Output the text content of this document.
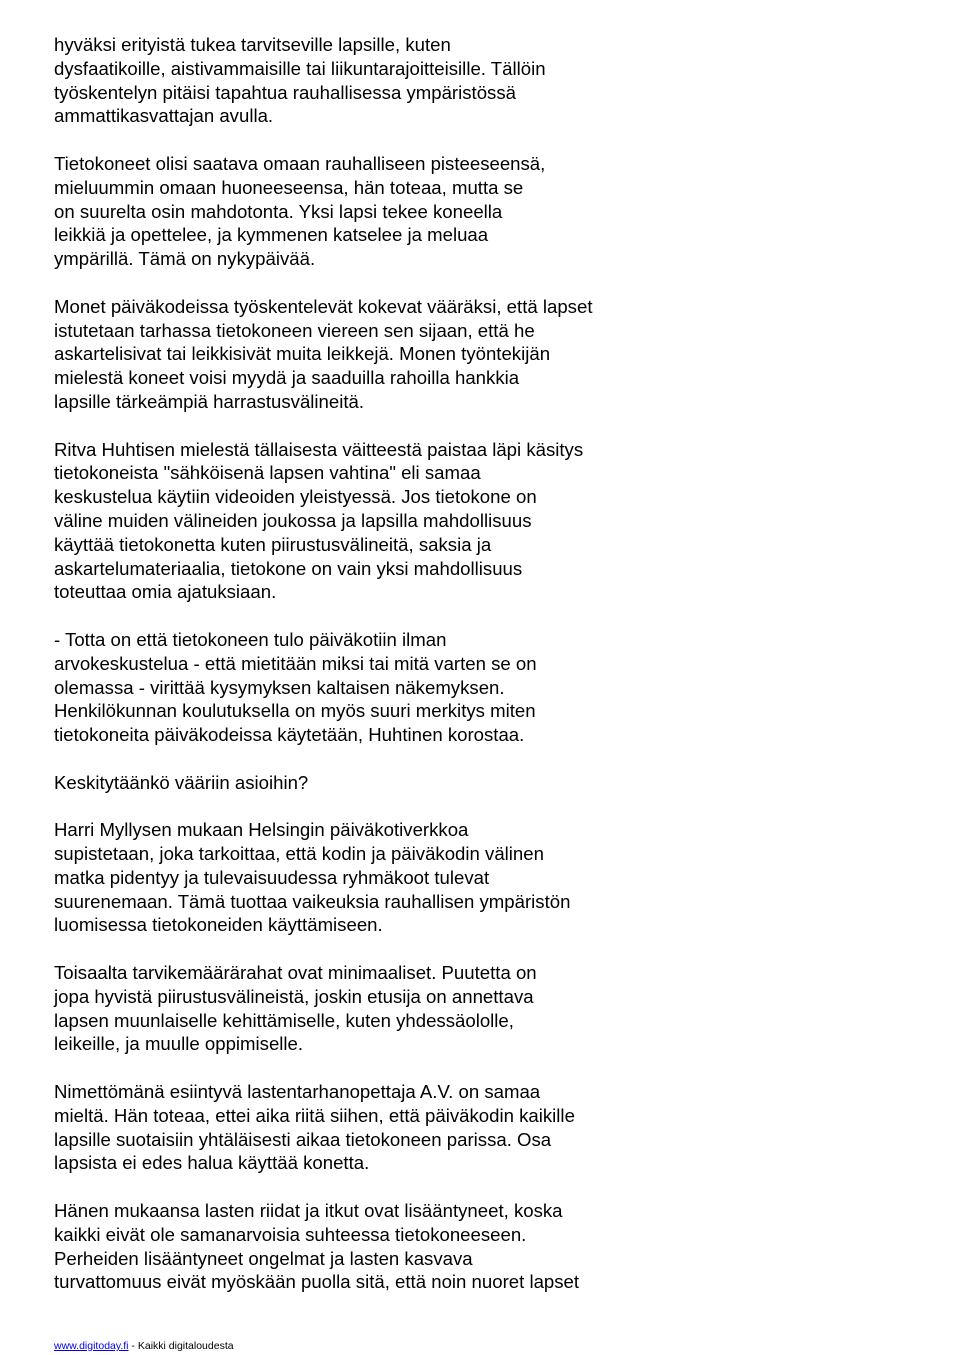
hyväksi erityistä tukea tarvitseville lapsille, kuten
dysfaatikoille, aistivammaisille tai liikuntarajoitteisille. Tällöin
työskentelyn pitäisi tapahtua rauhallisessa ympäristössä
ammattikasvattajan avulla.

Tietokoneet olisi saatava omaan rauhalliseen pisteeseensä,
mieluummin omaan huoneeseensa, hän toteaa, mutta se
on suurelta osin mahdotonta. Yksi lapsi tekee koneella
leikkiä ja opettelee, ja kymmenen katselee ja meluaa
ympärillä. Tämä on nykypäivää.

Monet päiväkodeissa työskentelevät kokevat vääräksi, että lapset
istutetaan tarhassa tietokoneen viereen sen sijaan, että he
askartelisivat tai leikkisivät muita leikkejä. Monen työntekijän
mielestä koneet voisi myydä ja saaduilla rahoilla hankkia
lapsille tärkeämpiä harrastusvälineitä.

Ritva Huhtisen mielestä tällaisesta väitteestä paistaa läpi käsitys
tietokoneista "sähköisenä lapsen vahtina" eli samaa
keskustelua käytiin videoiden yleistyessä. Jos tietokone on
väline muiden välineiden joukossa ja lapsilla mahdollisuus
käyttää tietokonetta kuten piirustusvälineitä, saksia ja
askartelumateriaalia, tietokone on vain yksi mahdollisuus
toteuttaa omia ajatuksiaan.

- Totta on että tietokoneen tulo päiväkotiin ilman
arvokeskustelua - että mietitään miksi tai mitä varten se on
olemassa - virittää kysymyksen kaltaisen näkemyksen.
Henkilökunnan koulutuksella on myös suuri merkitys miten
tietokoneita päiväkodeissa käytetään, Huhtinen korostaa.

Keskitytäänkö vääriin asioihin?

Harri Myllysen mukaan Helsingin päiväkotiverkkoa
supistetaan, joka tarkoittaa, että kodin ja päiväkodin välinen
matka pidentyy ja tulevaisuudessa ryhmäkoot tulevat
suurenemaan. Tämä tuottaa vaikeuksia rauhallisen ympäristön
luomisessa tietokoneiden käyttämiseen.

Toisaalta tarvikemäärärahat ovat minimaaliset. Puutetta on
jopa hyvistä piirustusvälineistä, joskin etusija on annettava
lapsen muunlaiselle kehittämiselle, kuten yhdessäololle,
leikeille, ja muulle oppimiselle.

Nimettömänä esiintyvä lastentarhanopettaja A.V. on samaa
mieltä. Hän toteaa, ettei aika riitä siihen, että päiväkodin kaikille
lapsille suotaisiin yhtäläisesti aikaa tietokoneen parissa. Osa
lapsista ei edes halua käyttää konetta.

Hänen mukaansa lasten riidat ja itkut ovat lisääntyneet, koska
kaikki eivät ole samanarvoisia suhteessa tietokoneeseen.
Perheiden lisääntyneet ongelmat ja lasten kasvava
turvattomuus eivät myöskään puolla sitä, että noin nuoret lapset

www.digitoday.fi - Kaikki digitaloudesta
